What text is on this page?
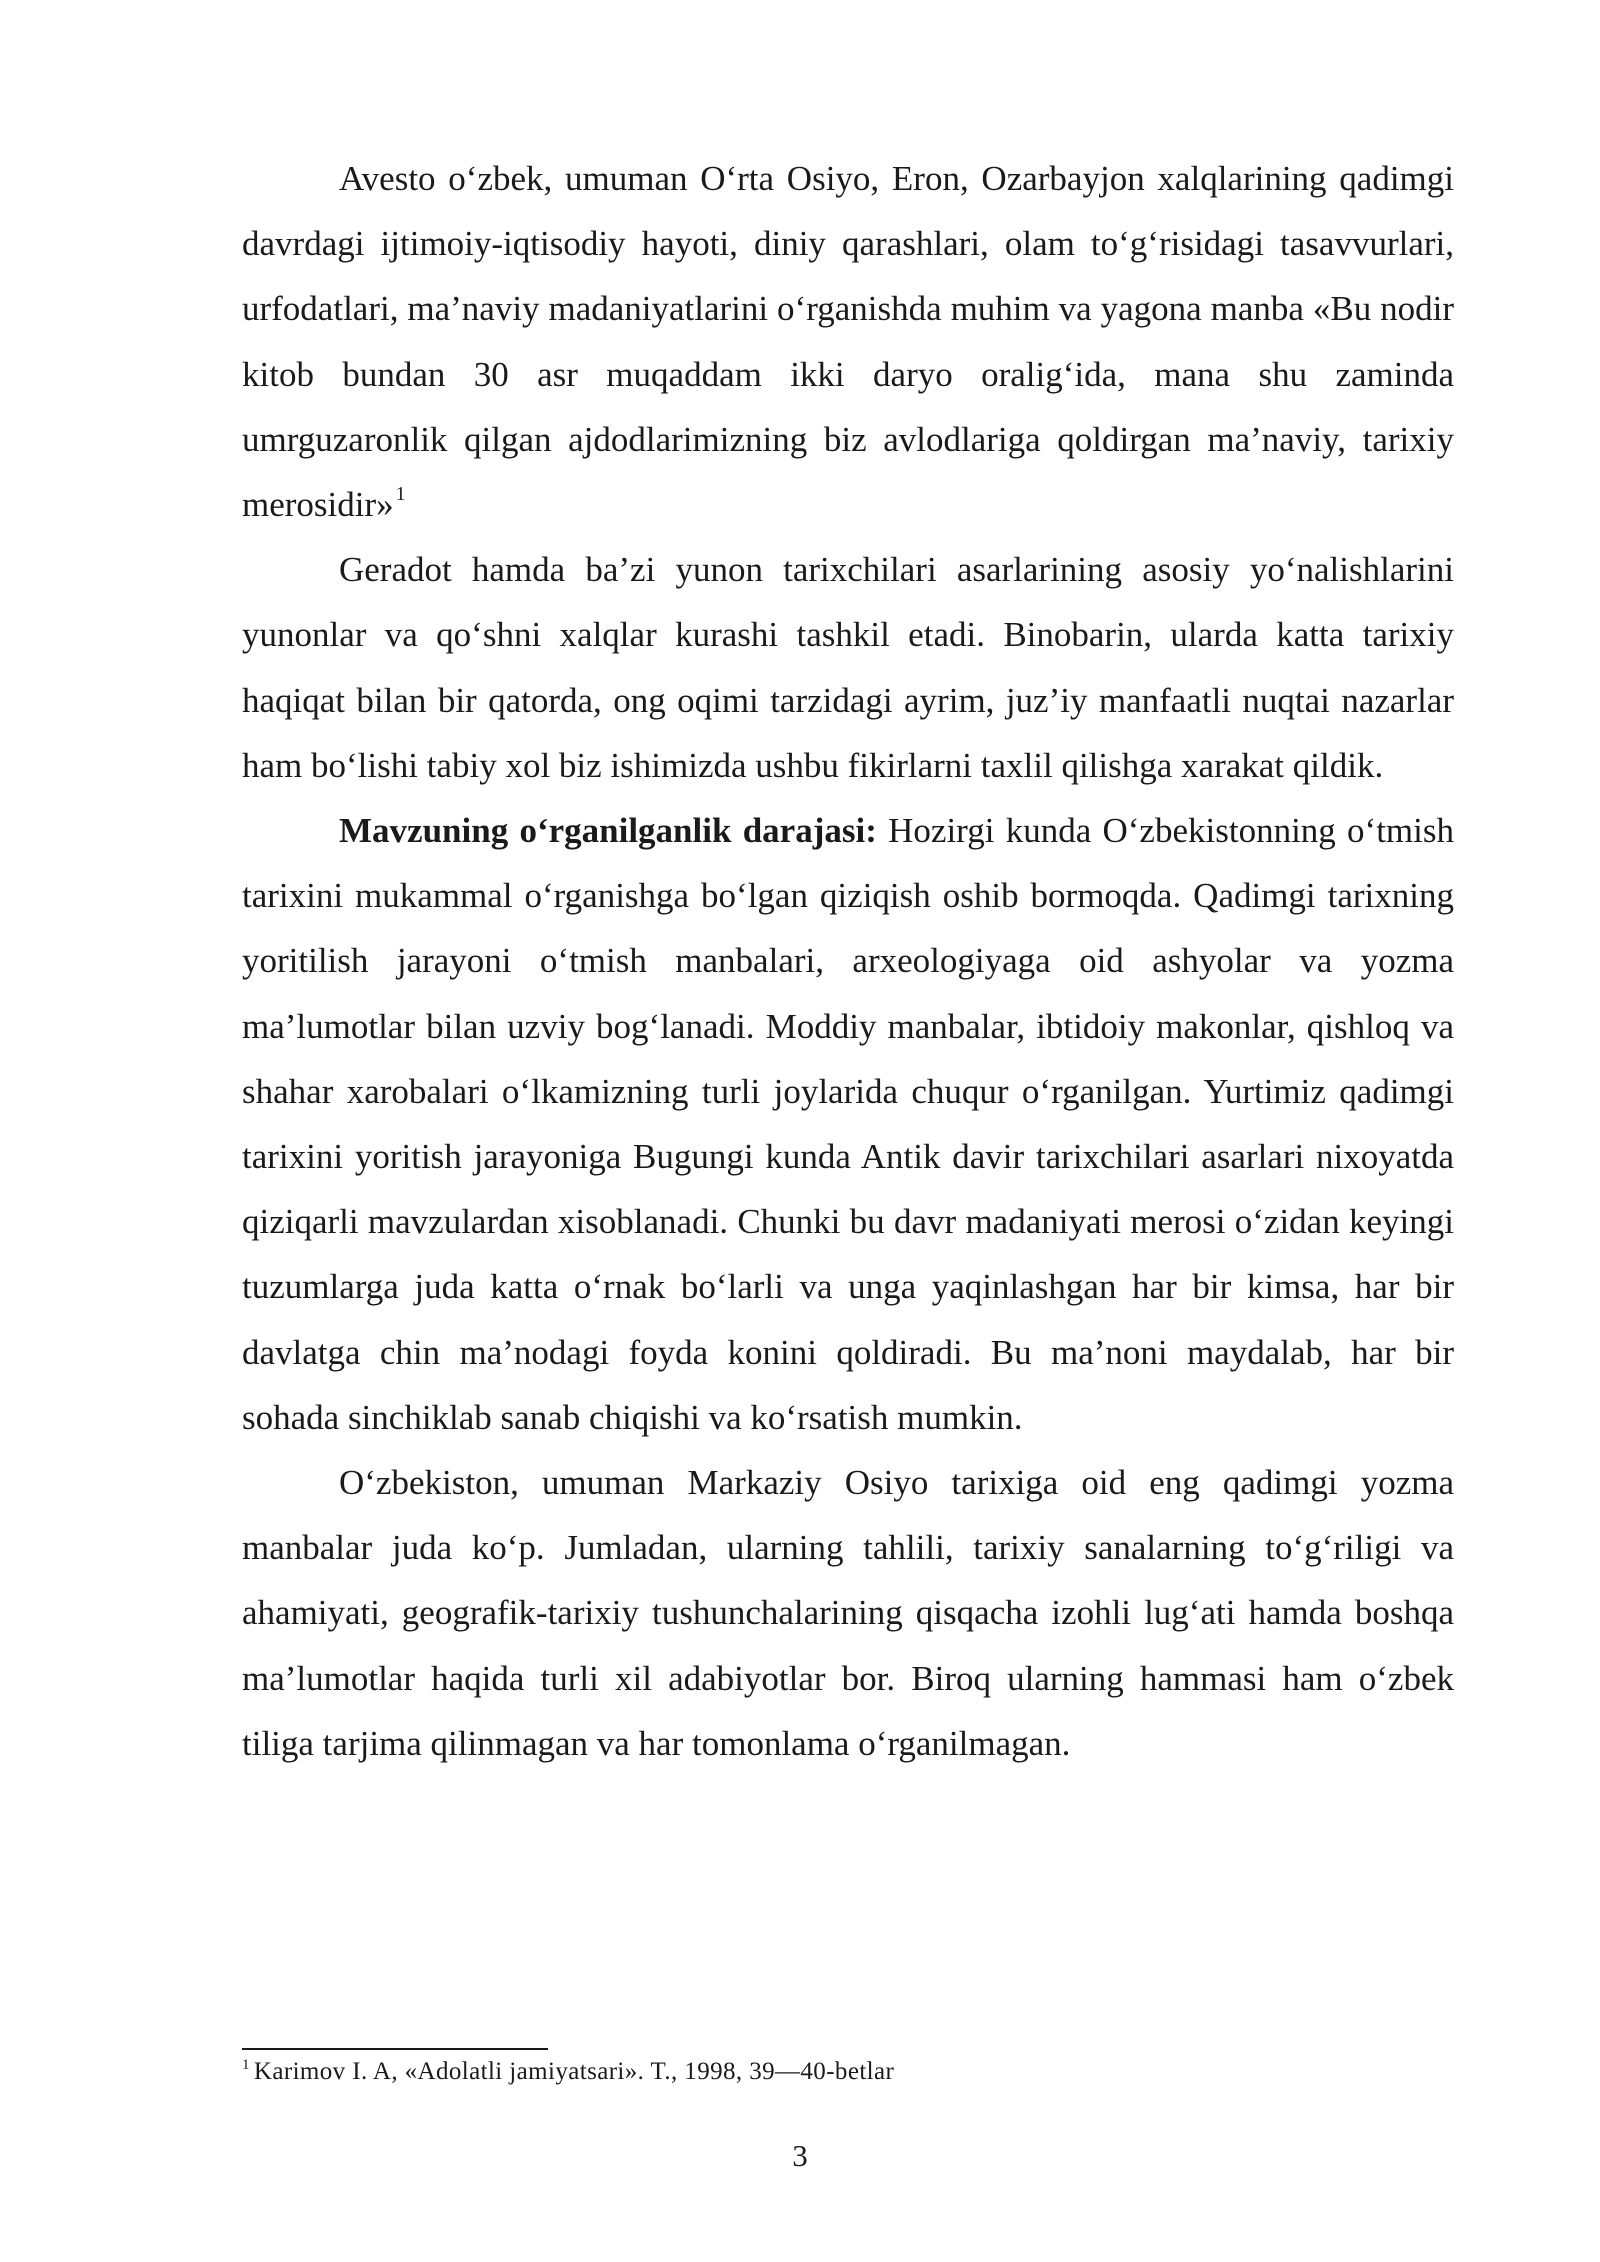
Avesto o‘zbek, umuman O‘rta Osiyo, Eron, Ozarbayjon xalqlarining qadimgi davrdagi ijtimoiy-iqtisodiy hayoti, diniy qarashlari, olam to‘g‘risidagi tasavvurlari, urfodatlari, ma’naviy madaniyatlarini o‘rganishda muhim va yagona manba «Bu nodir kitob bundan 30 asr muqaddam ikki daryo oralig‘ida, mana shu zaminda umrguzaronlik qilgan ajdodlarimizning biz avlodlariga qoldirgan ma’naviy, tarixiy merosidir» $^1$

Geradot hamda ba’zi yunon tarixchilari asarlarining asosiy yo‘nalishlarini yunonlar va qo‘shni xalqlar kurashi tashkil etadi. Binobarin, ularda katta tarixiy haqiqat bilan bir qatorda, ong oqimi tarzidagi ayrim, juz’iy manfaatli nuqtai nazarlar ham bo‘lishi tabiy xol biz ishimizda ushbu fikirlarni taxlil qilishga xarakat qildik.

Mavzuning o‘rganilganlik darajasi: Hozirgi kunda O‘zbekistonning o‘tmish tarixini mukammal o‘rganishga bo‘lgan qiziqish oshib bormoqda. Qadimgi tarixning yoritilish jarayoni o‘tmish manbalari, arxeologiyaga oid ashyolar va yozma ma’lumotlar bilan uzviy bog‘lanadi. Moddiy manbalar, ibtidoiy makonlar, qishloq va shahar xarobalari o‘lkamizning turli joylarida chuqur o‘rganilgan. Yurtimiz qadimgi tarixini yoritish jarayoniga Bugungi kunda Antik davir tarixchilari asarlari nixoyatda qiziqarli mavzulardan xisoblanadi. Chunki bu davr madaniyati merosi o‘zidan keyingi tuzumlarga juda katta o‘rnak bo‘larli va unga yaqinlashgan har bir kimsa, har bir davlatga chin ma’nodagi foyda konini qoldiradi. Bu ma’noni maydalab, har bir sohada sinchiklab sanab chiqishi va ko‘rsatish mumkin.

O‘zbekiston, umuman Markaziy Osiyo tarixiga oid eng qadimgi yozma manbalar juda ko‘p. Jumladan, ularning tahlili, tarixiy sanalarning to‘g‘riligi va ahamiyati, geografik-tarixiy tushunchalarining qisqacha izohli lug‘ati hamda boshqa ma’lumotlar haqida turli xil adabiyotlar bor. Biroq ularning hammasi ham o‘zbek tiliga tarjima qilinmagan va har tomonlama o‘rganilmagan.

$^1$ Karimov I. A, «Adolatli jamiyatsari». T., 1998, 39—40-betlar
3
